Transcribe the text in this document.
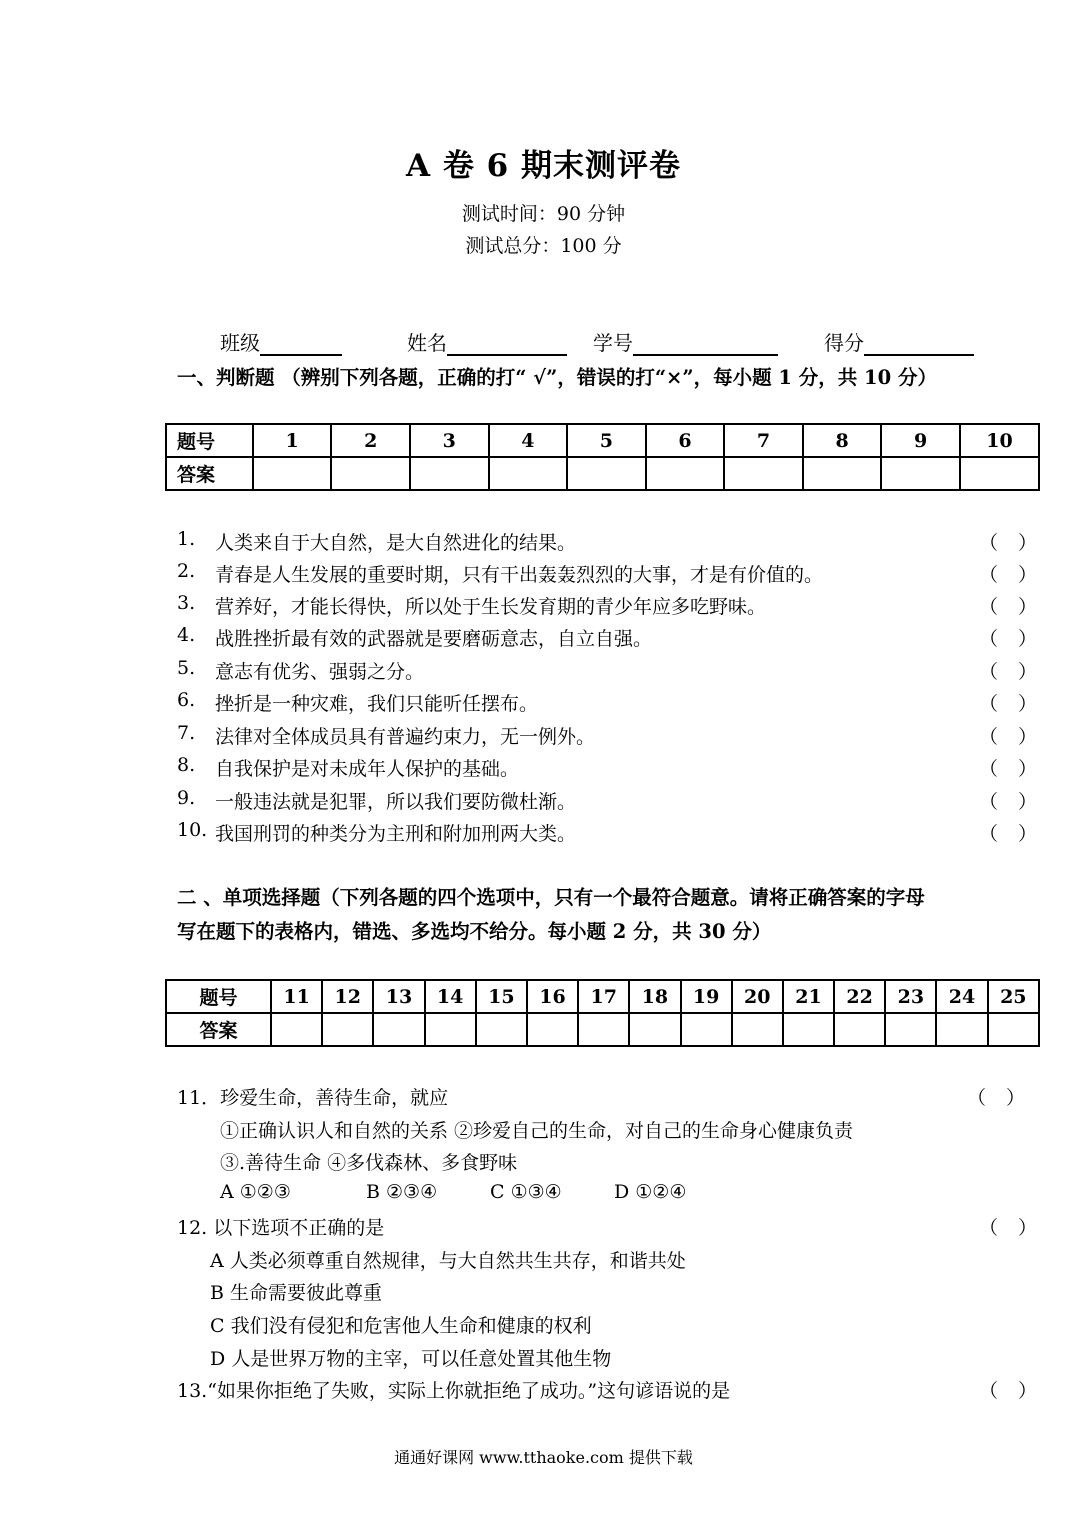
A 卷 6 期末测评卷
测试时间：90 分钟
测试总分：100 分
班级	姓名	学号	得分
一、判断题 （辨别下列各题，正确的打“ √”，错误的打“×”，每小题 1 分，共 10 分）
题号	1	2	3	4	5	6	7	8	9	10
答案										
1. 人类来自于大自然，是大自然进化的结果。	（ ）
2. 青春是人生发展的重要时期，只有干出轰轰烈烈的大事，才是有价值的。	（ ）
3. 营养好，才能长得快，所以处于生长发育期的青少年应多吃野味。	（ ）
4. 战胜挫折最有效的武器就是要磨砺意志，自立自强。	（ ）
5. 意志有优劣、强弱之分。	（ ）
6. 挫折是一种灾难，我们只能听任摆布。	（ ）
7. 法律对全体成员具有普遍约束力，无一例外。	（ ）
8. 自我保护是对未成年人保护的基础。	（ ）
9. 一般违法就是犯罪，所以我们要防微杜渐。	（ ）
10. 我国刑罚的种类分为主刑和附加刑两大类。	（ ）
二 、单项选择题（下列各题的四个选项中，只有一个最符合题意。请将正确答案的字母
写在题下的表格内，错选、多选均不给分。每小题 2 分，共 30 分）
题号	11	12	13	14	15	16	17	18	19	20	21	22	23	24	25
答案															
11．珍爱生命，善待生命，就应	（ ）
①正确认识人和自然的关系 ②珍爱自己的生命，对自己的生命身心健康负责
③.善待生命 ④多伐森林、多食野味
A ①②③	B ②③④	C ①③④	D ①②④
12. 以下选项不正确的是	（ ）
A 人类必须尊重自然规律，与大自然共生共存，和谐共处
B 生命需要彼此尊重
C 我们没有侵犯和危害他人生命和健康的权利
D 人是世界万物的主宰，可以任意处置其他生物
13.“如果你拒绝了失败，实际上你就拒绝了成功。”这句谚语说的是	（ ）
通通好课网 www.tthaoke.com 提供下载
